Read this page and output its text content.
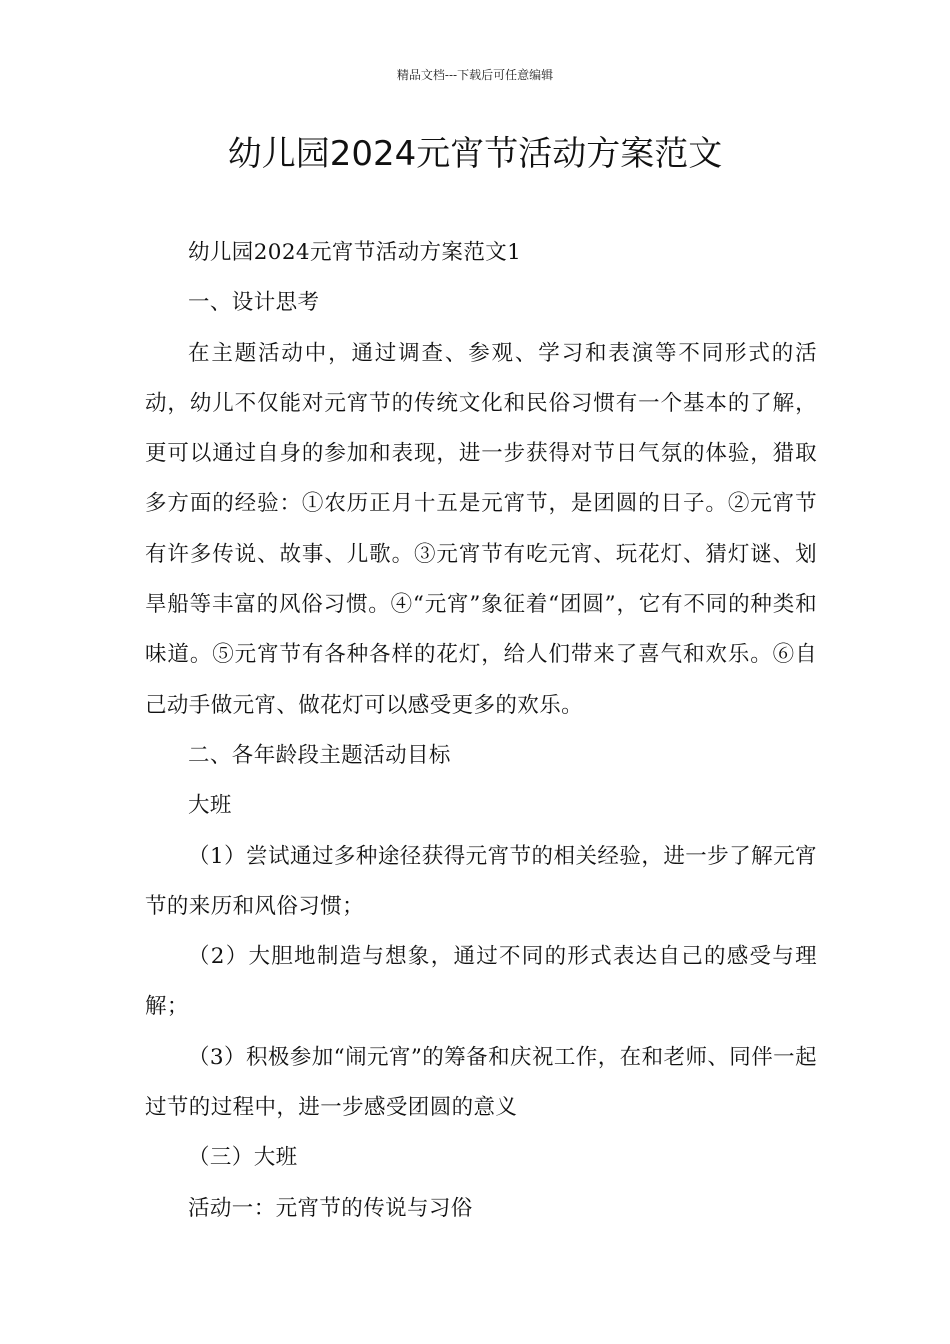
精品文档---下载后可任意编辑
幼儿园2024元宵节活动方案范文

幼儿园2024元宵节活动方案范文1

一、设计思考

在主题活动中，通过调查、参观、学习和表演等不同形式的活动，幼儿不仅能对元宵节的传统文化和民俗习惯有一个基本的了解，更可以通过自身的参加和表现，进一步获得对节日气氛的体验，猎取多方面的经验：①农历正月十五是元宵节，是团圆的日子。②元宵节有许多传说、故事、儿歌。③元宵节有吃元宵、玩花灯、猜灯谜、划旱船等丰富的风俗习惯。④“元宵”象征着“团圆”，它有不同的种类和味道。⑤元宵节有各种各样的花灯，给人们带来了喜气和欢乐。⑥自己动手做元宵、做花灯可以感受更多的欢乐。

二、各年龄段主题活动目标

大班

（1）尝试通过多种途径获得元宵节的相关经验，进一步了解元宵节的来历和风俗习惯；

（2）大胆地制造与想象，通过不同的形式表达自己的感受与理解；

（3）积极参加“闹元宵”的筹备和庆祝工作，在和老师、同伴一起过节的过程中，进一步感受团圆的意义

（三）大班

活动一：元宵节的传说与习俗
